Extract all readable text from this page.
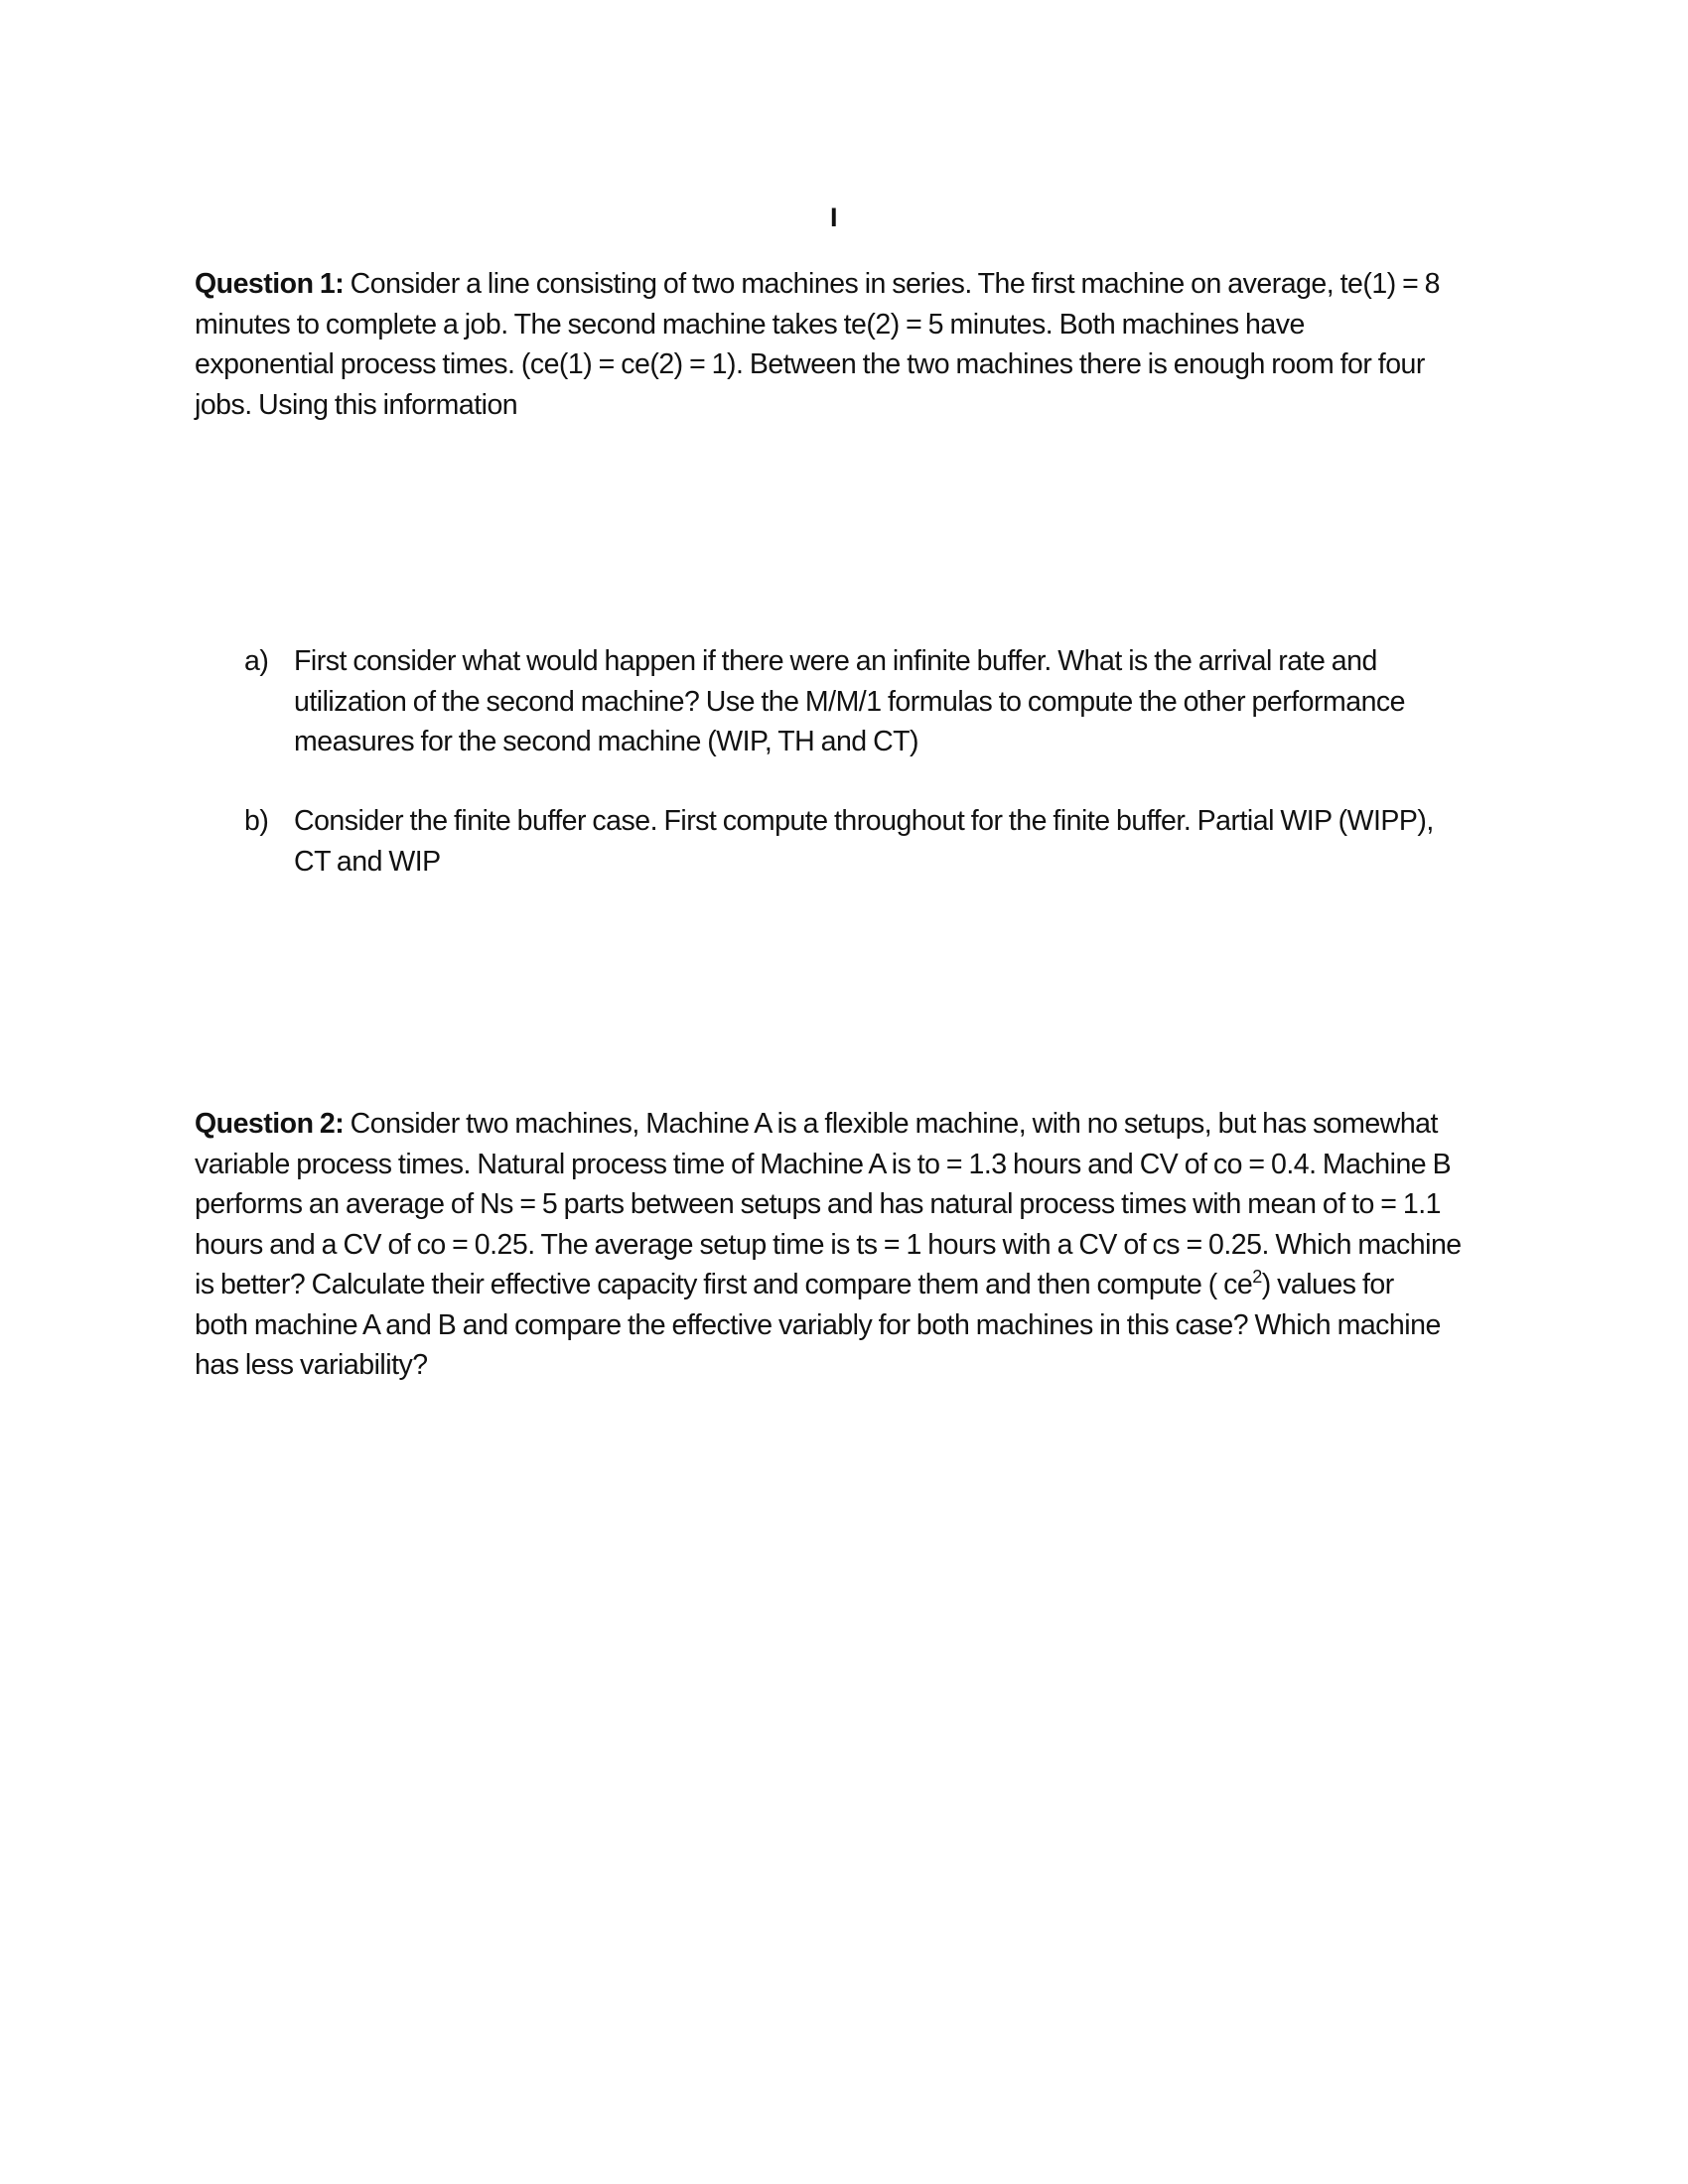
I
Question 1: Consider a line consisting of two machines in series. The first machine on average, te(1) = 8
minutes to complete a job. The second machine takes te(2) = 5 minutes. Both machines have
exponential process times. (ce(1) = ce(2) = 1). Between the two machines there is enough room for four
jobs. Using this information
a) First consider what would happen if there were an infinite buffer. What is the arrival rate and
utilization of the second machine? Use the M/M/1 formulas to compute the other performance
measures for the second machine (WIP, TH and CT)
b) Consider the finite buffer case. First compute throughout for the finite buffer. Partial WIP (WIPP),
CT and WIP
Question 2: Consider two machines, Machine A is a flexible machine, with no setups, but has somewhat
variable process times. Natural process time of Machine A is to = 1.3 hours and CV of co = 0.4. Machine B
performs an average of Ns = 5 parts between setups and has natural process times with mean of to = 1.1
hours and a CV of co = 0.25. The average setup time is ts = 1 hours with a CV of cs = 0.25. Which machine
is better? Calculate their effective capacity first and compare them and then compute ( $ce^2$) values for
both machine A and B and compare the effective variably for both machines in this case? Which machine
has less variability?
